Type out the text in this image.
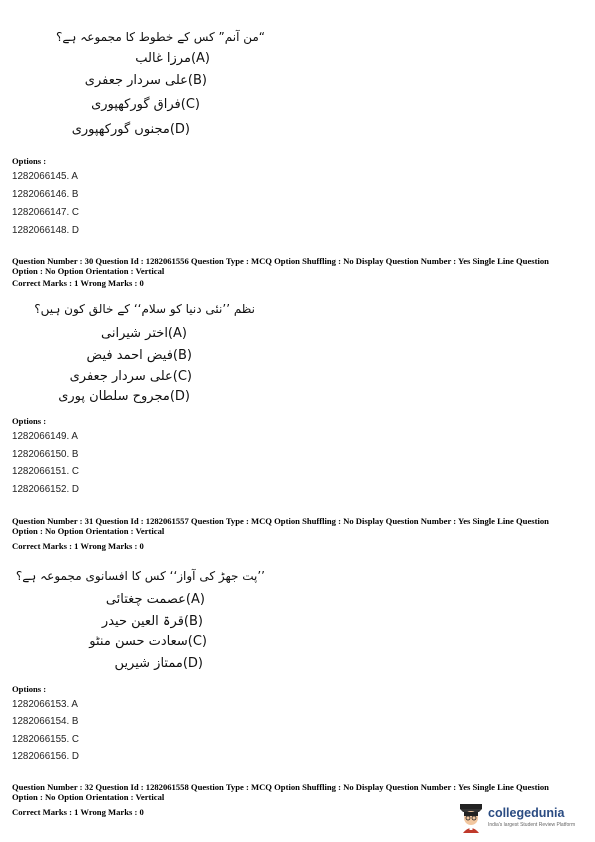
“من آنم” کس کے خطوط کا مجموعہ ہے؟
(A)مرزا غالب
(B)علی سردار جعفری
(C)فراق گورکھپوری
(D)مجنوں گورکھپوری
Options :
1282066145. A
1282066146. B
1282066147. C
1282066148. D
Question Number : 30 Question Id : 1282061556 Question Type : MCQ Option Shuffling : No Display Question Number : Yes Single Line Question Option : No Option Orientation : Vertical
Correct Marks : 1 Wrong Marks : 0
نظم ’’نئی دنیا کو سلام‘‘ کے خالق کون ہیں؟
(A)اختر شیرانی
(B)فیض احمد فیض
(C)علی سردار جعفری
(D)مجروح سلطان پوری
Options :
1282066149. A
1282066150. B
1282066151. C
1282066152. D
Question Number : 31 Question Id : 1282061557 Question Type : MCQ Option Shuffling : No Display Question Number : Yes Single Line Question Option : No Option Orientation : Vertical
Correct Marks : 1 Wrong Marks : 0
’’پت جھڑ کی آواز‘‘ کس کا افسانوی مجموعہ ہے؟
(A)عصمت چغتائی
(B)قرۃ العین حیدر
(C)سعادت حسن منٹو
(D)ممتاز شیریں
Options :
1282066153. A
1282066154. B
1282066155. C
1282066156. D
Question Number : 32 Question Id : 1282061558 Question Type : MCQ Option Shuffling : No Display Question Number : Yes Single Line Question Option : No Option Orientation : Vertical
Correct Marks : 1 Wrong Marks : 0	collegedunia
India's largest Student Review Platform
